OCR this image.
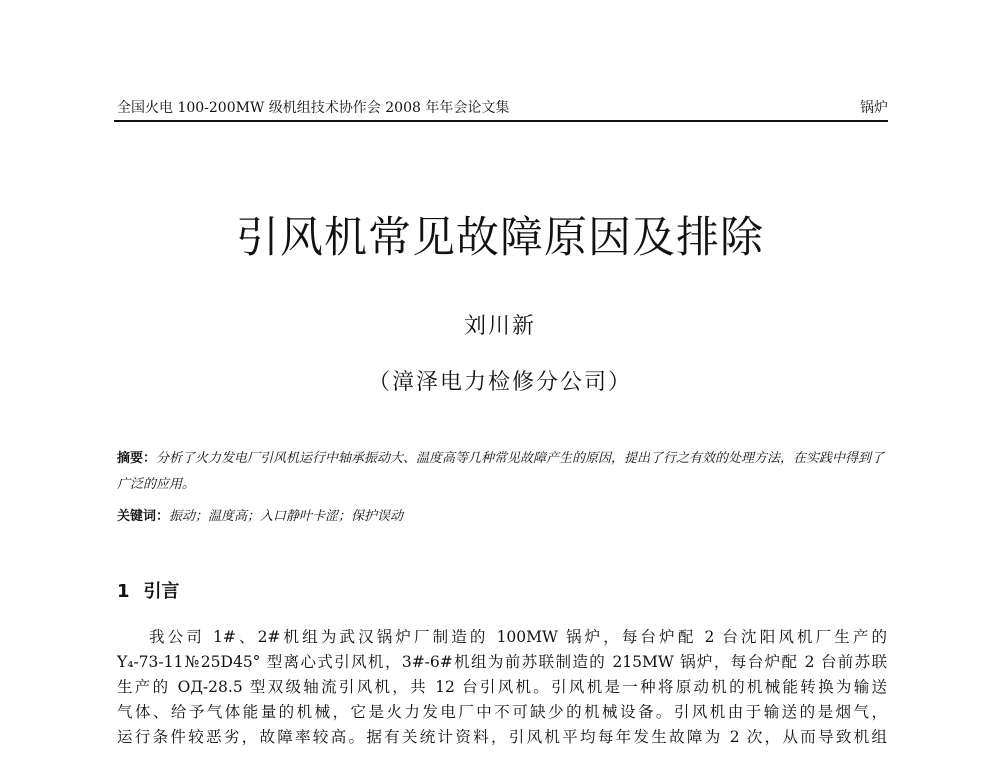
全国火电 100-200MW 级机组技术协作会 2008 年年会论文集	锅炉
引风机常见故障原因及排除
刘川新
（漳泽电力检修分公司）
摘要：分析了火力发电厂引风机运行中轴承振动大、温度高等几种常见故障产生的原因，提出了行之有效的处理方法，在实践中得到了广泛的应用。
关键词：振动；温度高；入口静叶卡涩；保护误动
1 引言
我公司 1#、2#机组为武汉锅炉厂制造的 100MW 锅炉，每台炉配 2 台沈阳风机厂生产的
Y₄-73-11№25D45° 型离心式引风机，3#-6#机组为前苏联制造的 215MW 锅炉，每台炉配 2 台前苏联
生产的 OД-28.5 型双级轴流引风机，共 12 台引风机。引风机是一种将原动机的机械能转换为输送
气体、给予气体能量的机械，它是火力发电厂中不可缺少的机械设备。引风机由于输送的是烟气，
运行条件较恶劣，故障率较高。据有关统计资料，引风机平均每年发生故障为 2 次，从而导致机组
